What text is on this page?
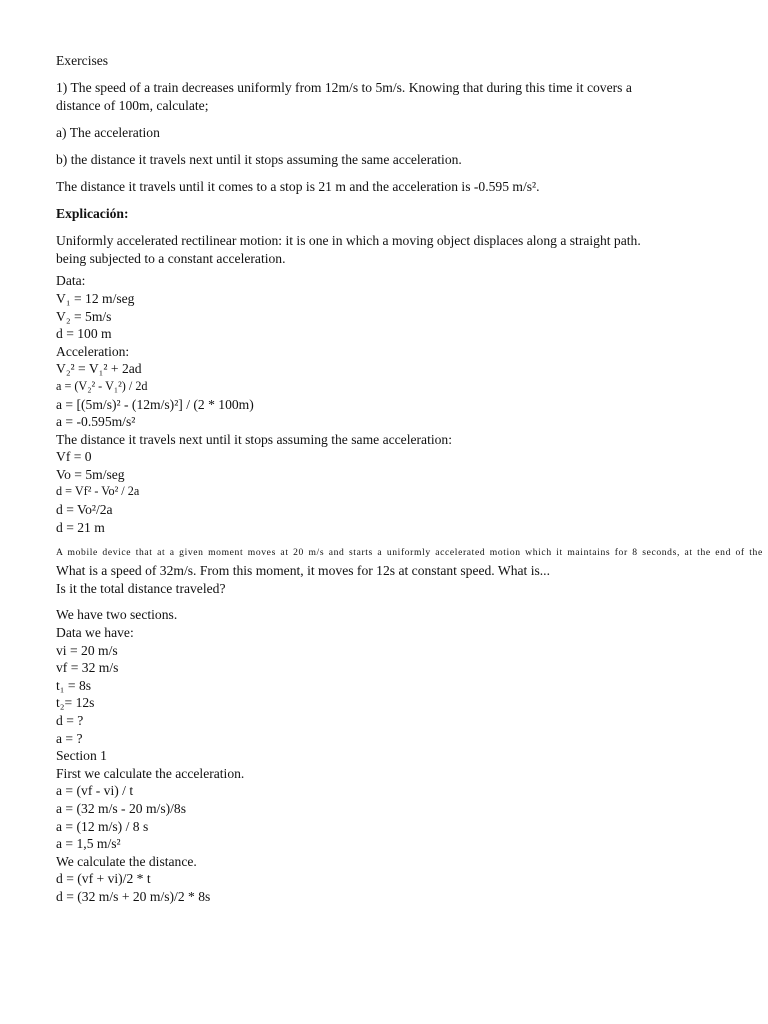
Exercises
1) The speed of a train decreases uniformly from 12m/s to 5m/s. Knowing that during this time it covers a
distance of 100m, calculate;
a) The acceleration
b) the distance it travels next until it stops assuming the same acceleration.
The distance it travels until it comes to a stop is 21 m and the acceleration is -0.595 m/s².
Explicación:
Uniformly accelerated rectilinear motion: it is one in which a moving object displaces along a straight path.
being subjected to a constant acceleration.
Data:
V₁ = 12 m/seg
V₂ = 5m/s
d = 100 m
Acceleration:
V₂² = V₁² + 2ad
a = (V₂² - V₁²) / 2d
a = [(5m/s)² - (12m/s)²] / (2 * 100m)
a = -0.595m/s²
The distance it travels next until it stops assuming the same acceleration:
Vf = 0
Vo = 5m/seg
d = Vf² - Vo² / 2a
d = Vo²/2a
d = 21 m
A mobile device that at a given moment moves at 20 m/s and starts a uniformly accelerated motion which it maintains for 8 seconds, at the end of the
What is a speed of 32m/s. From this moment, it moves for 12s at constant speed. What is...
Is it the total distance traveled?
We have two sections.
Data we have:
vi = 20 m/s
vf = 32 m/s
t₁ = 8s
t₂= 12s
d = ?
a = ?
Section 1
First we calculate the acceleration.
a = (vf - vi) / t
a = (32 m/s - 20 m/s)/8s
a = (12 m/s) / 8 s
a = 1,5 m/s²
We calculate the distance.
d = (vf + vi)/2 * t
d = (32 m/s + 20 m/s)/2 * 8s
